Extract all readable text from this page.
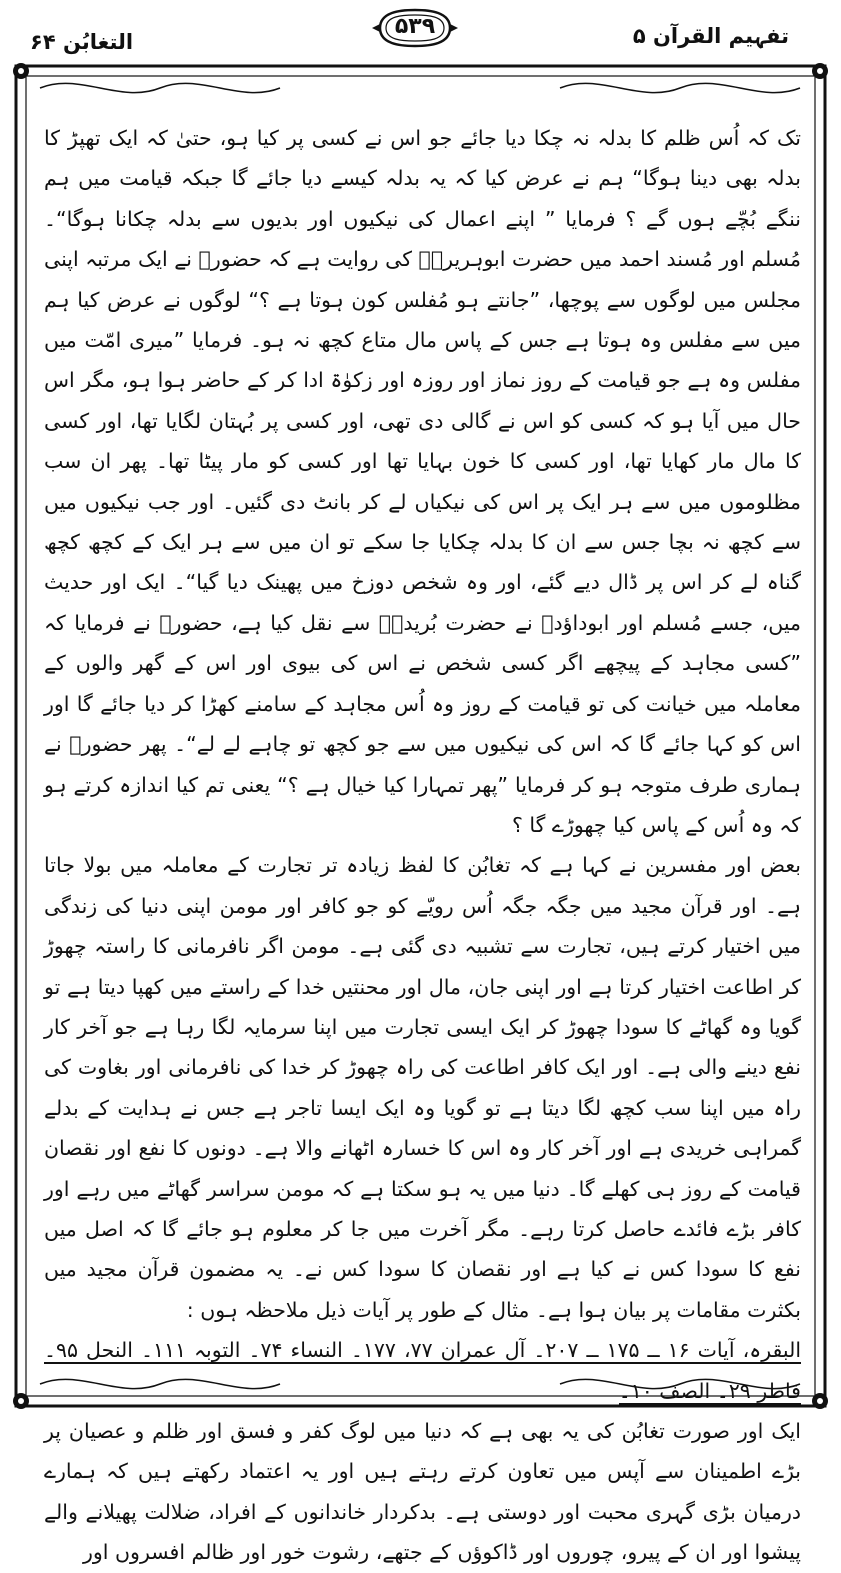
التغابُن ۶۴
۵۳۹	تفہیم القرآن ۵

تک کہ اُس ظلم کا بدلہ نہ چکا دیا جائے جو اس نے کسی پر کیا ہو، حتیٰ کہ ایک تھپڑ کا بدلہ بھی دینا ہوگا“ ہم نے عرض کیا کہ یہ بدلہ کیسے دیا جائے گا جبکہ قیامت میں ہم ننگے بُچّے ہوں گے ؟ فرمایا ” اپنے اعمال کی نیکیوں اور بدیوں سے بدلہ چکانا ہوگا“۔ مُسلم اور مُسند احمد میں حضرت ابوہریرہؓ کی روایت ہے کہ حضورؐ نے ایک مرتبہ اپنی مجلس میں لوگوں سے پوچھا، ”جانتے ہو مُفلس کون ہوتا ہے ؟“ لوگوں نے عرض کیا ہم میں سے مفلس وہ ہوتا ہے جس کے پاس مال متاع کچھ نہ ہو۔ فرمایا ”میری امّت میں مفلس وہ ہے جو قیامت کے روز نماز اور روزہ اور زکوٰۃ ادا کر کے حاضر ہوا ہو، مگر اس حال میں آیا ہو کہ کسی کو اس نے گالی دی تھی، اور کسی پر بُہتان لگایا تھا، اور کسی کا مال مار کھایا تھا، اور کسی کا خون بہایا تھا اور کسی کو مار پیٹا تھا۔ پھر ان سب مظلوموں میں سے ہر ایک پر اس کی نیکیاں لے کر بانٹ دی گئیں۔ اور جب نیکیوں میں سے کچھ نہ بچا جس سے ان کا بدلہ چکایا جا سکے تو ان میں سے ہر ایک کے کچھ کچھ گناہ لے کر اس پر ڈال دیے گئے، اور وہ شخص دوزخ میں پھینک دیا گیا“۔ ایک اور حدیث میں، جسے مُسلم اور ابوداؤدؒ نے حضرت بُریدہؓ سے نقل کیا ہے، حضورؐ نے فرمایا کہ ”کسی مجاہد کے پیچھے اگر کسی شخص نے اس کی بیوی اور اس کے گھر والوں کے معاملہ میں خیانت کی تو قیامت کے روز وہ اُس مجاہد کے سامنے کھڑا کر دیا جائے گا اور اس کو کہا جائے گا کہ اس کی نیکیوں میں سے جو کچھ تو چاہے لے لے“۔ پھر حضورؐ نے ہماری طرف متوجہ ہو کر فرمایا ”پھر تمہارا کیا خیال ہے ؟“ یعنی تم کیا اندازہ کرتے ہو کہ وہ اُس کے پاس کیا چھوڑے گا ؟

بعض اور مفسرین نے کہا ہے کہ تغابُن کا لفظ زیادہ تر تجارت کے معاملہ میں بولا جاتا ہے۔ اور قرآن مجید میں جگہ جگہ اُس رویّے کو جو کافر اور مومن اپنی دنیا کی زندگی میں اختیار کرتے ہیں، تجارت سے تشبیہ دی گئی ہے۔ مومن اگر نافرمانی کا راستہ چھوڑ کر اطاعت اختیار کرتا ہے اور اپنی جان، مال اور محنتیں خدا کے راستے میں کھپا دیتا ہے تو گویا وہ گھاٹے کا سودا چھوڑ کر ایک ایسی تجارت میں اپنا سرمایہ لگا رہا ہے جو آخر کار نفع دینے والی ہے۔ اور ایک کافر اطاعت کی راہ چھوڑ کر خدا کی نافرمانی اور بغاوت کی راہ میں اپنا سب کچھ لگا دیتا ہے تو گویا وہ ایک ایسا تاجر ہے جس نے ہدایت کے بدلے گمراہی خریدی ہے اور آخر کار وہ اس کا خسارہ اٹھانے والا ہے۔ دونوں کا نفع اور نقصان قیامت کے روز ہی کھلے گا۔ دنیا میں یہ ہو سکتا ہے کہ مومن سراسر گھاٹے میں رہے اور کافر بڑے فائدے حاصل کرتا رہے۔ مگر آخرت میں جا کر معلوم ہو جائے گا کہ اصل میں نفع کا سودا کس نے کیا ہے اور نقصان کا سودا کس نے۔ یہ مضمون قرآن مجید میں بکثرت مقامات پر بیان ہوا ہے۔ مثال کے طور پر آیات ذیل ملاحظہ ہوں :

البقرہ، آیات ۱۶ ــ ۱۷۵ ــ ۲۰۷۔ آل عمران ۷۷، ۱۷۷۔ النساء ۷۴۔ التوبہ ۱۱۱۔ النحل ۹۵۔ فاطر ۲۹۔ الصف ۱۰۔

ایک اور صورت تغابُن کی یہ بھی ہے کہ دنیا میں لوگ کفر و فسق اور ظلم و عصیان پر بڑے اطمینان سے آپس میں تعاون کرتے رہتے ہیں اور یہ اعتماد رکھتے ہیں کہ ہمارے درمیان بڑی گہری محبت اور دوستی ہے۔ بدکردار خاندانوں کے افراد، ضلالت پھیلانے والے پیشوا اور ان کے پیرو، چوروں اور ڈاکوؤں کے جتھے، رشوت خور اور ظالم افسروں اور
